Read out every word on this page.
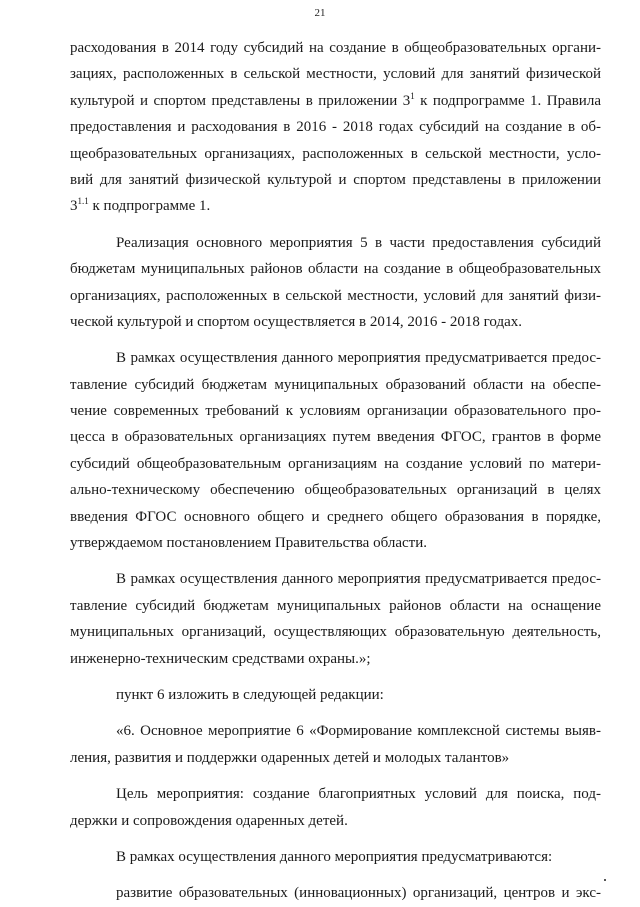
21
расходования в 2014 году субсидий на создание в общеобразовательных органи-
зациях, расположенных в сельской местности, условий для занятий физической
культурой и спортом представлены в приложении $3^1$ к подпрограмме 1. Правила
предоставления и расходования в 2016 - 2018 годах субсидий на создание в об-
щеобразовательных организациях, расположенных в сельской местности, усло-
вий для занятий физической культурой и спортом представлены в приложении
$3^{1.1}$ к подпрограмме 1.
Реализация основного мероприятия 5 в части предоставления субсидий
бюджетам муниципальных районов области на создание в общеобразовательных
организациях, расположенных в сельской местности, условий для занятий физи-
ческой культурой и спортом осуществляется в 2014, 2016 - 2018 годах.
В рамках осуществления данного мероприятия предусматривается предос-
тавление субсидий бюджетам муниципальных образований области на обеспе-
чение современных требований к условиям организации образовательного про-
цесса в образовательных организациях путем введения ФГОС, грантов в форме
субсидий общеобразовательным организациям на создание условий по матери-
ально-техническому обеспечению общеобразовательных организаций в целях
введения ФГОС основного общего и среднего общего образования в порядке,
утверждаемом постановлением Правительства области.
В рамках осуществления данного мероприятия предусматривается предос-
тавление субсидий бюджетам муниципальных районов области на оснащение
муниципальных организаций, осуществляющих образовательную деятельность,
инженерно-техническим средствами охраны.»;
пункт 6 изложить в следующей редакции:
«6. Основное мероприятие 6 «Формирование комплексной системы выяв-
ления, развития и поддержки одаренных детей и молодых талантов»
Цель мероприятия: создание благоприятных условий для поиска, под-
держки и сопровождения одаренных детей.
В рамках осуществления данного мероприятия предусматриваются:
развитие образовательных (инновационных) организаций, центров и экс-
